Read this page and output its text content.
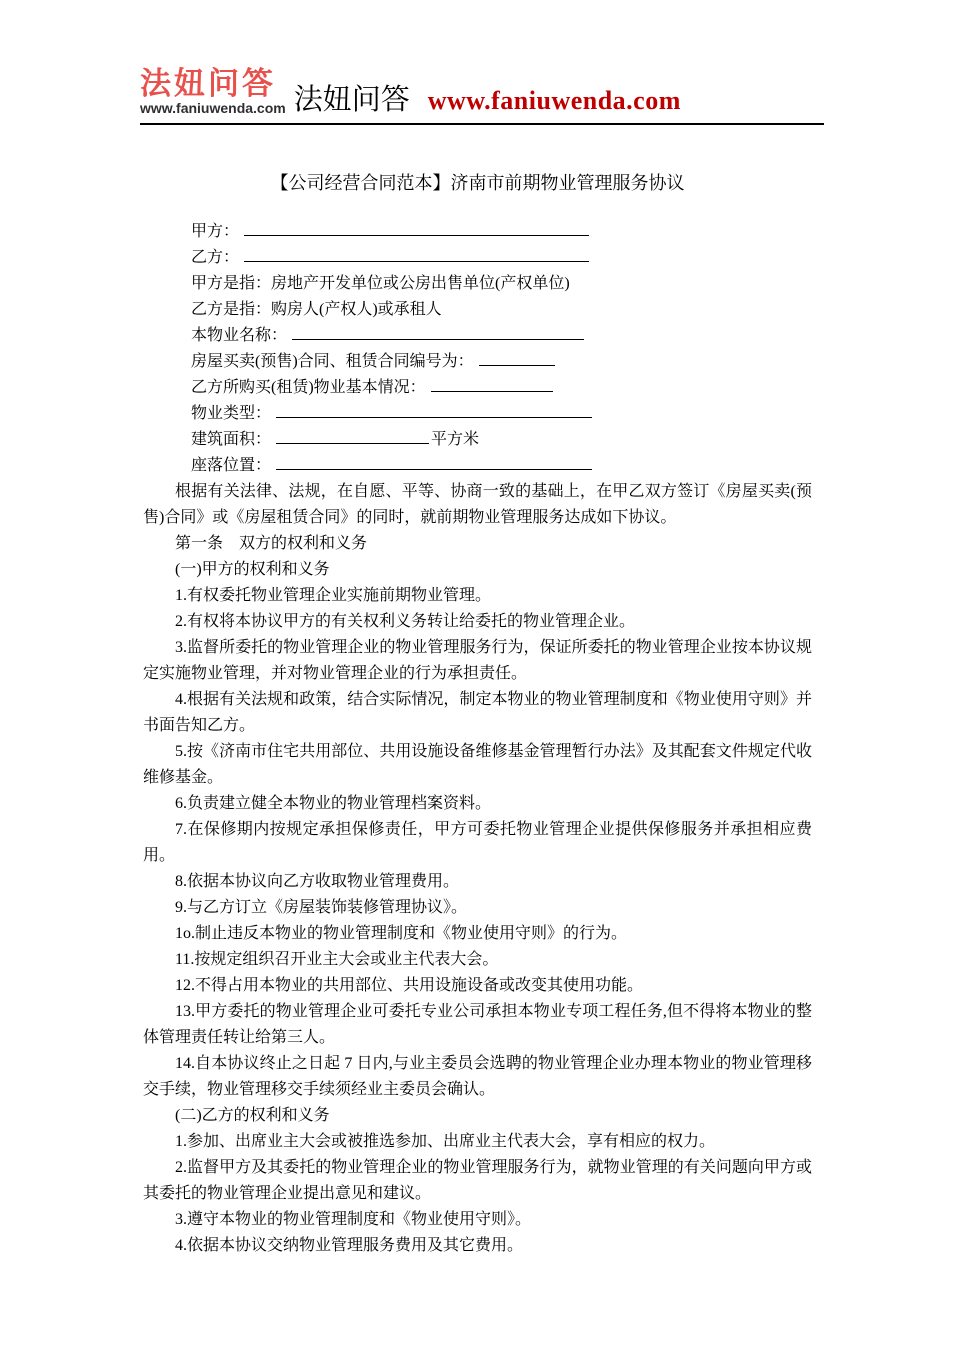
法妞问答
www.faniuwenda.com 法妞问答 www.faniuwenda.com
【公司经营合同范本】济南市前期物业管理服务协议
甲方：
乙方：
甲方是指：房地产开发单位或公房出售单位(产权单位)
乙方是指：购房人(产权人)或承租人
本物业名称：
房屋买卖(预售)合同、租赁合同编号为：
乙方所购买(租赁)物业基本情况：
物业类型：
建筑面积：	平方米
座落位置：

根据有关法律、法规，在自愿、平等、协商一致的基础上，在甲乙双方签订《房屋买卖(预售)合同》或《房屋租赁合同》的同时，就前期物业管理服务达成如下协议。

第一条　双方的权利和义务

(一)甲方的权利和义务

1.有权委托物业管理企业实施前期物业管理。

2.有权将本协议甲方的有关权利义务转让给委托的物业管理企业。

3.监督所委托的物业管理企业的物业管理服务行为，保证所委托的物业管理企业按本协议规定实施物业管理，并对物业管理企业的行为承担责任。

4.根据有关法规和政策，结合实际情况，制定本物业的物业管理制度和《物业使用守则》并书面告知乙方。

5.按《济南市住宅共用部位、共用设施设备维修基金管理暂行办法》及其配套文件规定代收维修基金。

6.负责建立健全本物业的物业管理档案资料。

7.在保修期内按规定承担保修责任，甲方可委托物业管理企业提供保修服务并承担相应费用。

8.依据本协议向乙方收取物业管理费用。

9.与乙方订立《房屋装饰装修管理协议》。

1o.制止违反本物业的物业管理制度和《物业使用守则》的行为。

11.按规定组织召开业主大会或业主代表大会。

12.不得占用本物业的共用部位、共用设施设备或改变其使用功能。

13.甲方委托的物业管理企业可委托专业公司承担本物业专项工程任务,但不得将本物业的整体管理责任转让给第三人。

14.自本协议终止之日起 7 日内,与业主委员会选聘的物业管理企业办理本物业的物业管理移交手续，物业管理移交手续须经业主委员会确认。

(二)乙方的权利和义务

1.参加、出席业主大会或被推选参加、出席业主代表大会，享有相应的权力。

2.监督甲方及其委托的物业管理企业的物业管理服务行为，就物业管理的有关问题向甲方或其委托的物业管理企业提出意见和建议。

3.遵守本物业的物业管理制度和《物业使用守则》。

4.依据本协议交纳物业管理服务费用及其它费用。
